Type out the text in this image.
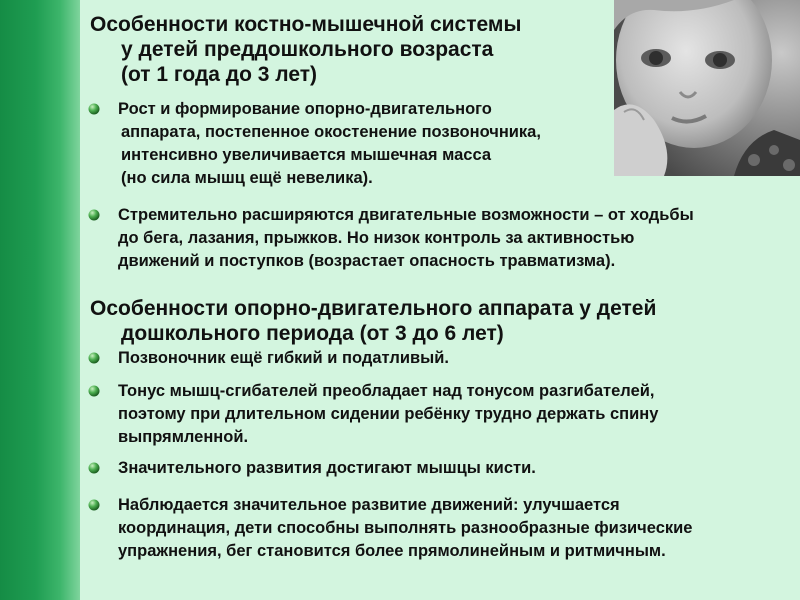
Особенности костно-мышечной системы
у детей преддошкольного возраста
(от 1 года до 3 лет)
Рост и формирование опорно-двигательного
аппарата, постепенное окостенение позвоночника,
интенсивно увеличивается мышечная масса
(но сила мышц ещё невелика).
Стремительно расширяются двигательные возможности – от ходьбы
до бега, лазания, прыжков. Но низок контроль за активностью
движений и поступков (возрастает опасность травматизма).
Особенности опорно-двигательного аппарата у детей
дошкольного периода (от 3 до 6 лет)
Позвоночник ещё гибкий и податливый.
Тонус мышц-сгибателей преобладает над тонусом разгибателей,
поэтому при длительном сидении ребёнку трудно держать спину
выпрямленной.
Значительного развития достигают мышцы кисти.
Наблюдается значительное развитие движений: улучшается
координация, дети способны выполнять разнообразные физические
упражнения, бег становится более прямолинейным и ритмичным.
